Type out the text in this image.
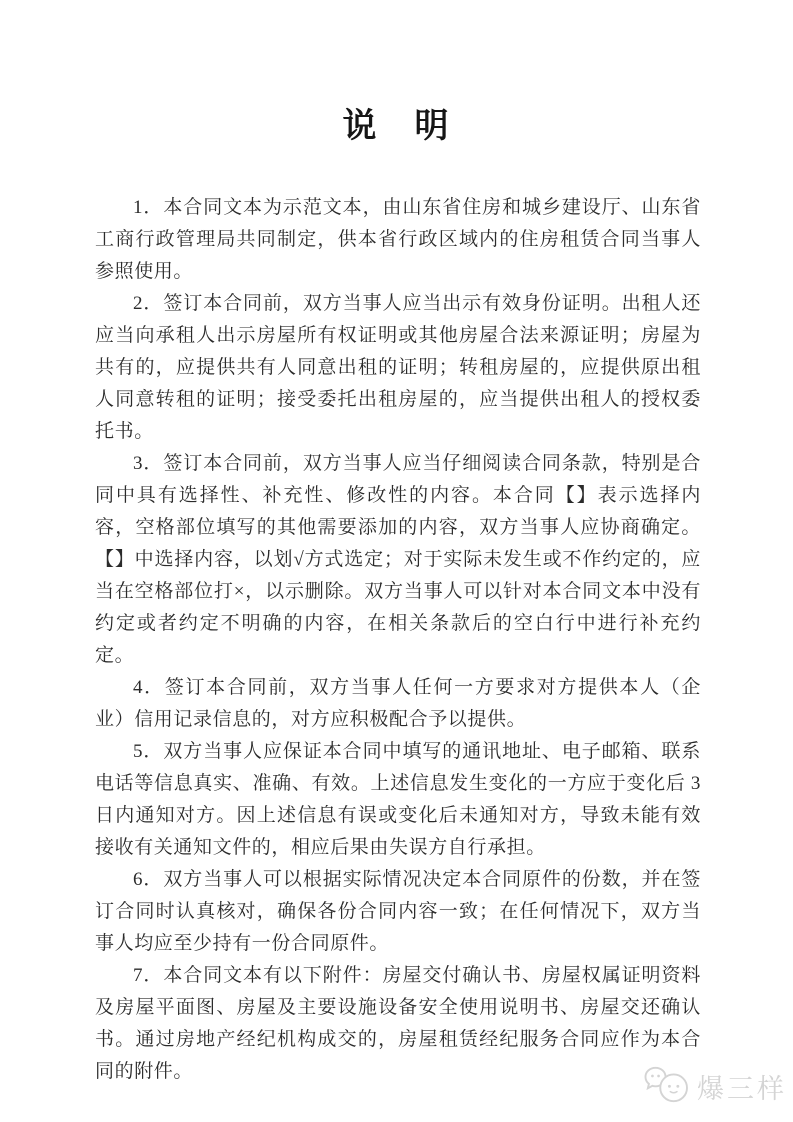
说　明

1．本合同文本为示范文本，由山东省住房和城乡建设厅、山东省工商行政管理局共同制定，供本省行政区域内的住房租赁合同当事人参照使用。

2．签订本合同前，双方当事人应当出示有效身份证明。出租人还应当向承租人出示房屋所有权证明或其他房屋合法来源证明；房屋为共有的，应提供共有人同意出租的证明；转租房屋的，应提供原出租人同意转租的证明；接受委托出租房屋的，应当提供出租人的授权委托书。

3．签订本合同前，双方当事人应当仔细阅读合同条款，特别是合同中具有选择性、补充性、修改性的内容。本合同【】表示选择内容，空格部位填写的其他需要添加的内容，双方当事人应协商确定。【】中选择内容，以划√方式选定；对于实际未发生或不作约定的，应当在空格部位打×，以示删除。双方当事人可以针对本合同文本中没有约定或者约定不明确的内容，在相关条款后的空白行中进行补充约定。

4．签订本合同前，双方当事人任何一方要求对方提供本人（企业）信用记录信息的，对方应积极配合予以提供。

5．双方当事人应保证本合同中填写的通讯地址、电子邮箱、联系电话等信息真实、准确、有效。上述信息发生变化的一方应于变化后 3 日内通知对方。因上述信息有误或变化后未通知对方，导致未能有效接收有关通知文件的，相应后果由失误方自行承担。

6．双方当事人可以根据实际情况决定本合同原件的份数，并在签订合同时认真核对，确保各份合同内容一致；在任何情况下，双方当事人均应至少持有一份合同原件。

7．本合同文本有以下附件：房屋交付确认书、房屋权属证明资料及房屋平面图、房屋及主要设施设备安全使用说明书、房屋交还确认书。通过房地产经纪机构成交的，房屋租赁经纪服务合同应作为本合同的附件。

爆三样
